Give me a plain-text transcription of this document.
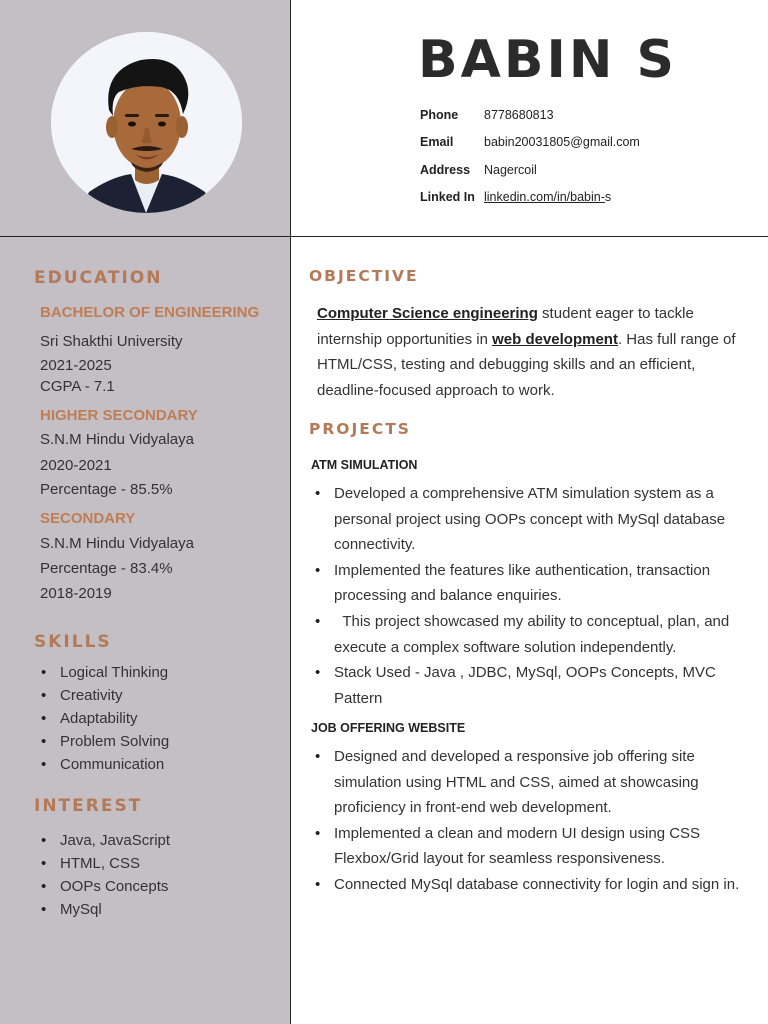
BABIN S
Phone	8778680813
Email	babin20031805@gmail.com
Address	Nagercoil
Linked In linkedin.com/in/babin-s
EDUCATION
BACHELOR OF ENGINEERING
Sri Shakthi University
2021-2025
CGPA - 7.1
HIGHER SECONDARY
S.N.M Hindu Vidyalaya
2020-2021
Percentage - 85.5%
SECONDARY
S.N.M Hindu Vidyalaya
Percentage - 83.4%
2018-2019
SKILLS
• Logical Thinking
• Creativity
• Adaptability
• Problem Solving
• Communication
INTEREST
• Java, JavaScript
• HTML, CSS
• OOPs Concepts
• MySql
OBJECTIVE

Computer Science engineering student eager to tackle internship opportunities in web development. Has full range of HTML/CSS, testing and debugging skills and an efficient, deadline-focused approach to work.

PROJECTS
ATM SIMULATION
• Developed a comprehensive ATM simulation system as a personal project using OOPs concept with MySql database connectivity.
• Implemented the features like authentication, transaction processing and balance enquiries.
•   This project showcased my ability to conceptual, plan, and execute a complex software solution independently.
• Stack Used - Java , JDBC, MySql, OOPs Concepts, MVC Pattern
JOB OFFERING WEBSITE
• Designed and developed a responsive job offering site simulation using HTML and CSS, aimed at showcasing proficiency in front-end web development.
• Implemented a clean and modern UI design using CSS Flexbox/Grid layout for seamless responsiveness.
• Connected MySql database connectivity for login and sign in.
